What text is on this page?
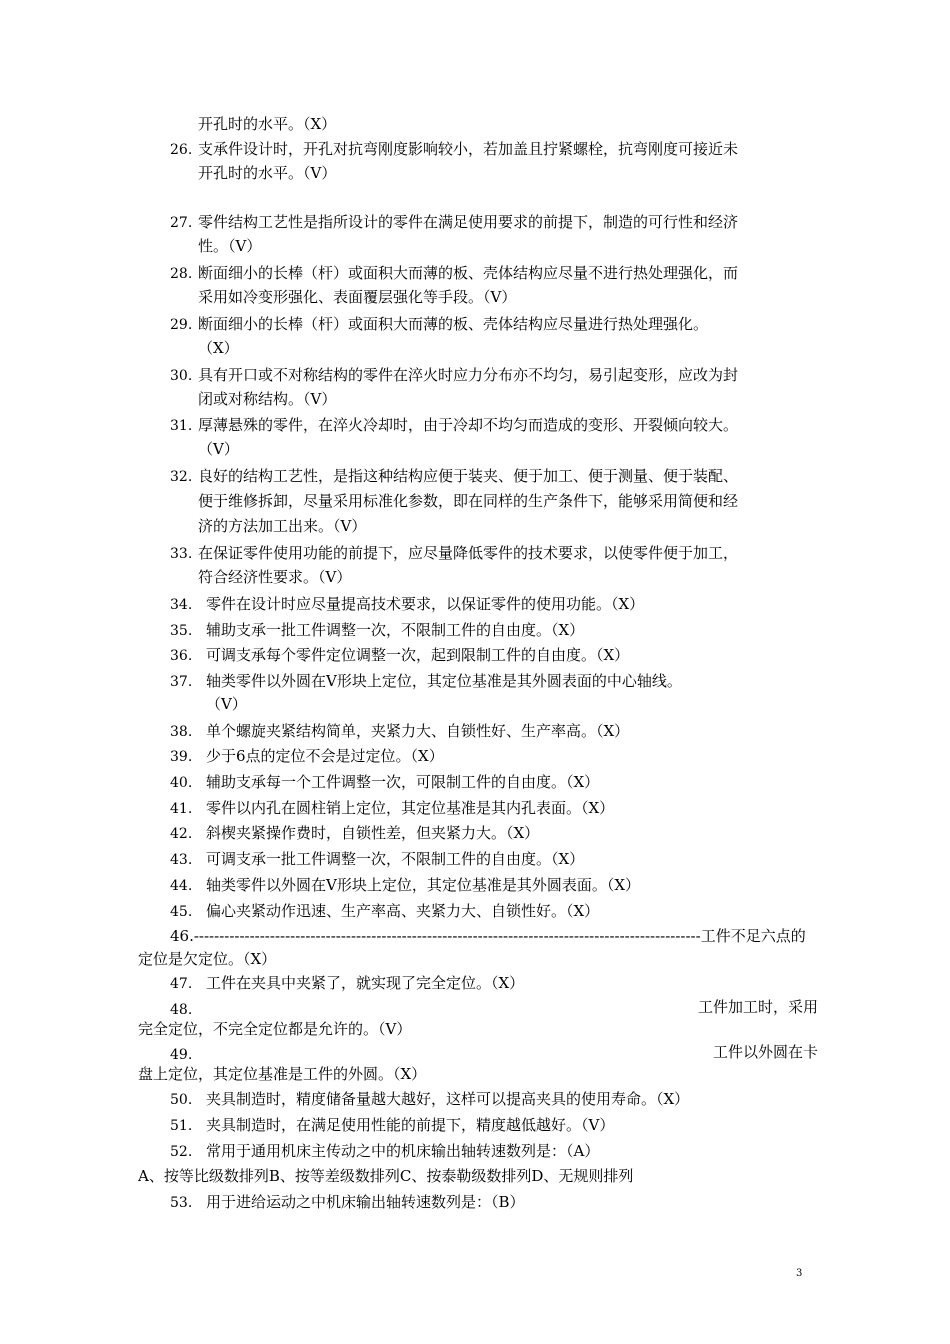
开孔时的水平。（X）
26. 支承件设计时，开孔对抗弯刚度影响较小，若加盖且拧紧螺栓，抗弯刚度可接近未
开孔时的水平。（V）
27. 零件结构工艺性是指所设计的零件在满足使用要求的前提下，制造的可行性和经济
性。（V）
28. 断面细小的长棒（杆）或面积大而薄的板、壳体结构应尽量不进行热处理强化，而
采用如冷变形强化、表面覆层强化等手段。（V）
29. 断面细小的长棒（杆）或面积大而薄的板、壳体结构应尽量进行热处理强化。
（X）
30. 具有开口或不对称结构的零件在淬火时应力分布亦不均匀，易引起变形，应改为封
闭或对称结构。（V）
31. 厚薄悬殊的零件，在淬火冷却时，由于冷却不均匀而造成的变形、开裂倾向较大。
（V）
32. 良好的结构工艺性，是指这种结构应便于装夹、便于加工、便于测量、便于装配、
便于维修拆卸，尽量采用标准化参数，即在同样的生产条件下，能够采用简便和经
济的方法加工出来。（V）
33. 在保证零件使用功能的前提下，应尽量降低零件的技术要求，以使零件便于加工，
符合经济性要求。（V）
34. 零件在设计时应尽量提高技术要求，以保证零件的使用功能。（X）
35. 辅助支承一批工件调整一次，不限制工件的自由度。（X）
36. 可调支承每个零件定位调整一次，起到限制工件的自由度。（X）
37. 轴类零件以外圆在V形块上定位，其定位基准是其外圆表面的中心轴线。
（V）
38. 单个螺旋夹紧结构简单，夹紧力大、自锁性好、生产率高。（X）
39. 少于6点的定位不会是过定位。（X）
40. 辅助支承每一个工件调整一次，可限制工件的自由度。（X）
41. 零件以内孔在圆柱销上定位，其定位基准是其内孔表面。（X）
42. 斜楔夹紧操作费时，自锁性差，但夹紧力大。（X）
43. 可调支承一批工件调整一次，不限制工件的自由度。（X）
44. 轴类零件以外圆在V形块上定位，其定位基准是其外圆表面。（X）
45. 偏心夹紧动作迅速、生产率高、夹紧力大、自锁性好。（X）
46.----------------------------------------------------------------------------------------------------工件不足六点的
定位是欠定位。（X）
47. 工件在夹具中夹紧了，就实现了完全定位。（X）
48.	工件加工时，采用
完全定位，不完全定位都是允许的。（V）
49.	工件以外圆在卡
盘上定位，其定位基准是工件的外圆。（X）
50. 夹具制造时，精度储备量越大越好，这样可以提高夹具的使用寿命。（X）
51. 夹具制造时，在满足使用性能的前提下，精度越低越好。（V）
52. 常用于通用机床主传动之中的机床输出轴转速数列是：（A）
A、按等比级数排列B、按等差级数排列C、按泰勒级数排列D、无规则排列
53. 用于进给运动之中机床输出轴转速数列是：（B）
3
